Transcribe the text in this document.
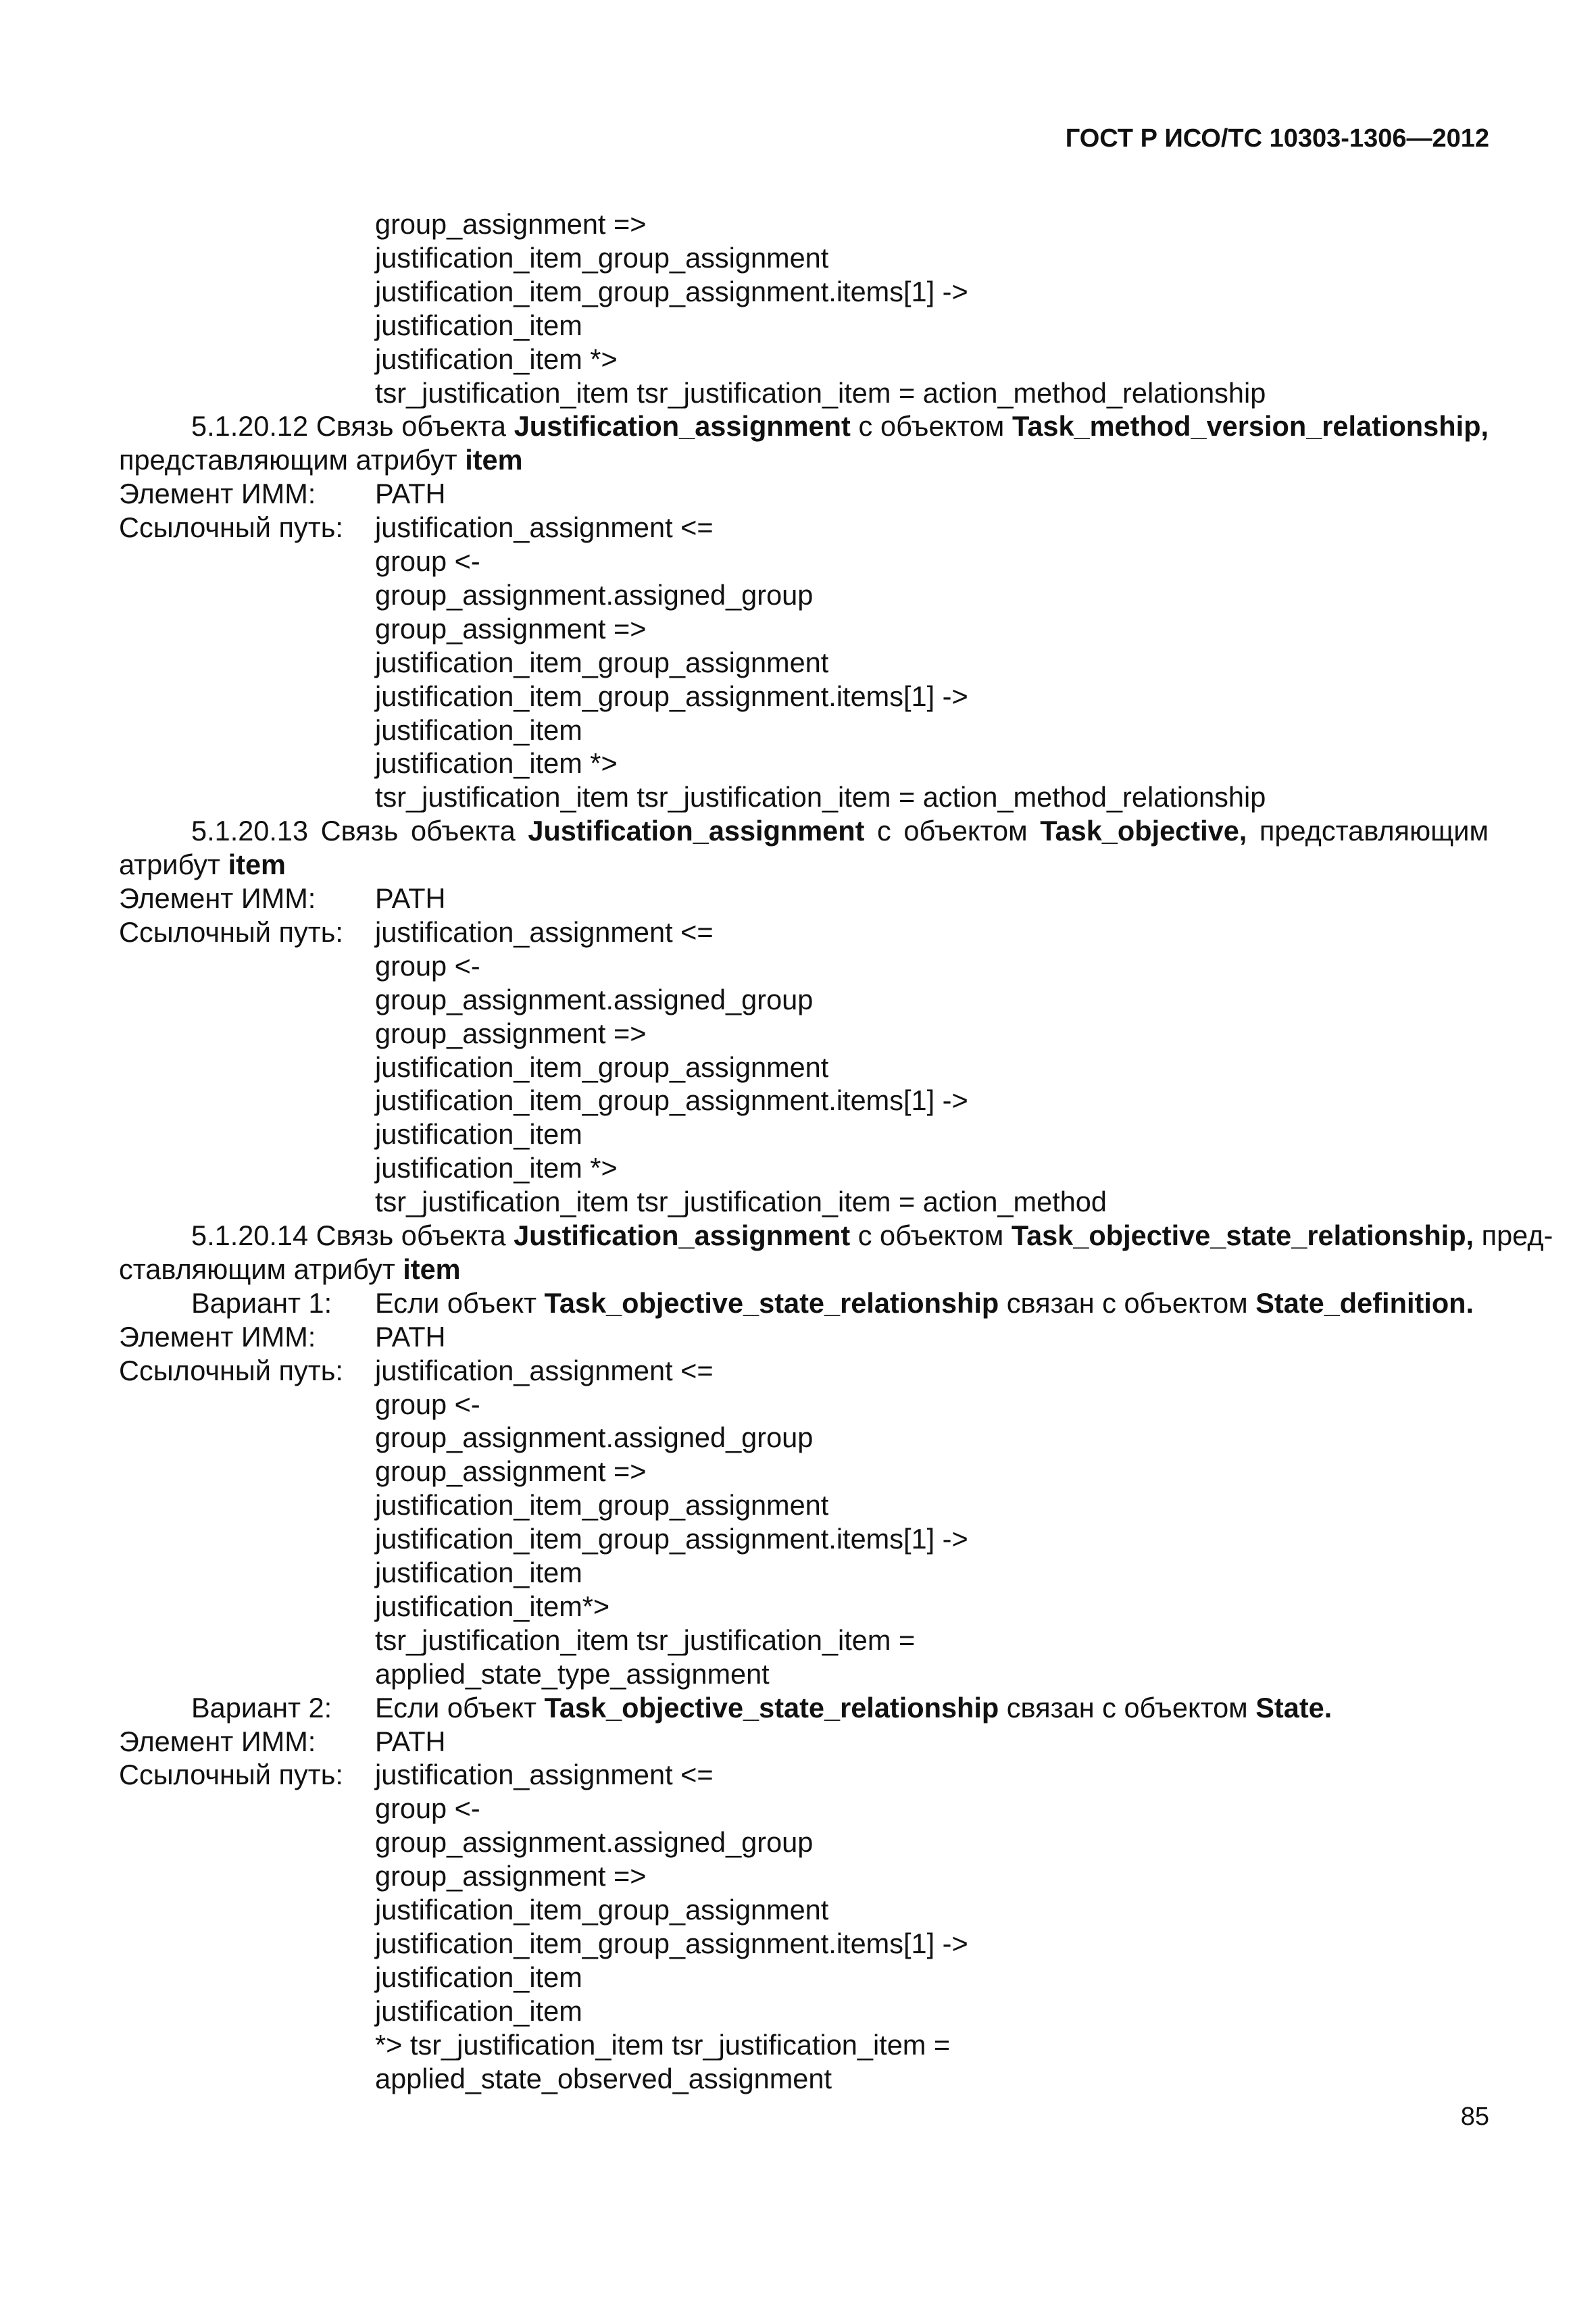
ГОСТ Р ИСО/ТС 10303-1306—2012
group_assignment =>
justification_item_group_assignment
justification_item_group_assignment.items[1] ->
justification_item
justification_item *>
tsr_justification_item tsr_justification_item = action_method_relationship
5.1.20.12 Связь объекта Justification_assignment с объектом Task_method_version_relationship,
представляющим атрибут item
Элемент ИММ: PATH
Ссылочный путь: justification_assignment <=
group <-
group_assignment.assigned_group
group_assignment =>
justification_item_group_assignment
justification_item_group_assignment.items[1] ->
justification_item
justification_item *>
tsr_justification_item tsr_justification_item = action_method_relationship
5.1.20.13 Связь объекта Justification_assignment с объектом Task_objective, представляющим
атрибут item
Элемент ИММ: PATH
Ссылочный путь: justification_assignment <=
group <-
group_assignment.assigned_group
group_assignment =>
justification_item_group_assignment
justification_item_group_assignment.items[1] ->
justification_item
justification_item *>
tsr_justification_item tsr_justification_item = action_method
5.1.20.14 Связь объекта Justification_assignment с объектом Task_objective_state_relationship, пред-
ставляющим атрибут item
Вариант 1: Если объект Task_objective_state_relationship связан с объектом State_definition.
Элемент ИММ: PATH
Ссылочный путь: justification_assignment <=
group <-
group_assignment.assigned_group
group_assignment =>
justification_item_group_assignment
justification_item_group_assignment.items[1] ->
justification_item
justification_item*>
tsr_justification_item tsr_justification_item =
applied_state_type_assignment
Вариант 2: Если объект Task_objective_state_relationship связан с объектом State.
Элемент ИММ: PATH
Ссылочный путь: justification_assignment <=
group <-
group_assignment.assigned_group
group_assignment =>
justification_item_group_assignment
justification_item_group_assignment.items[1] ->
justification_item
justification_item
*> tsr_justification_item tsr_justification_item =
applied_state_observed_assignment
85
